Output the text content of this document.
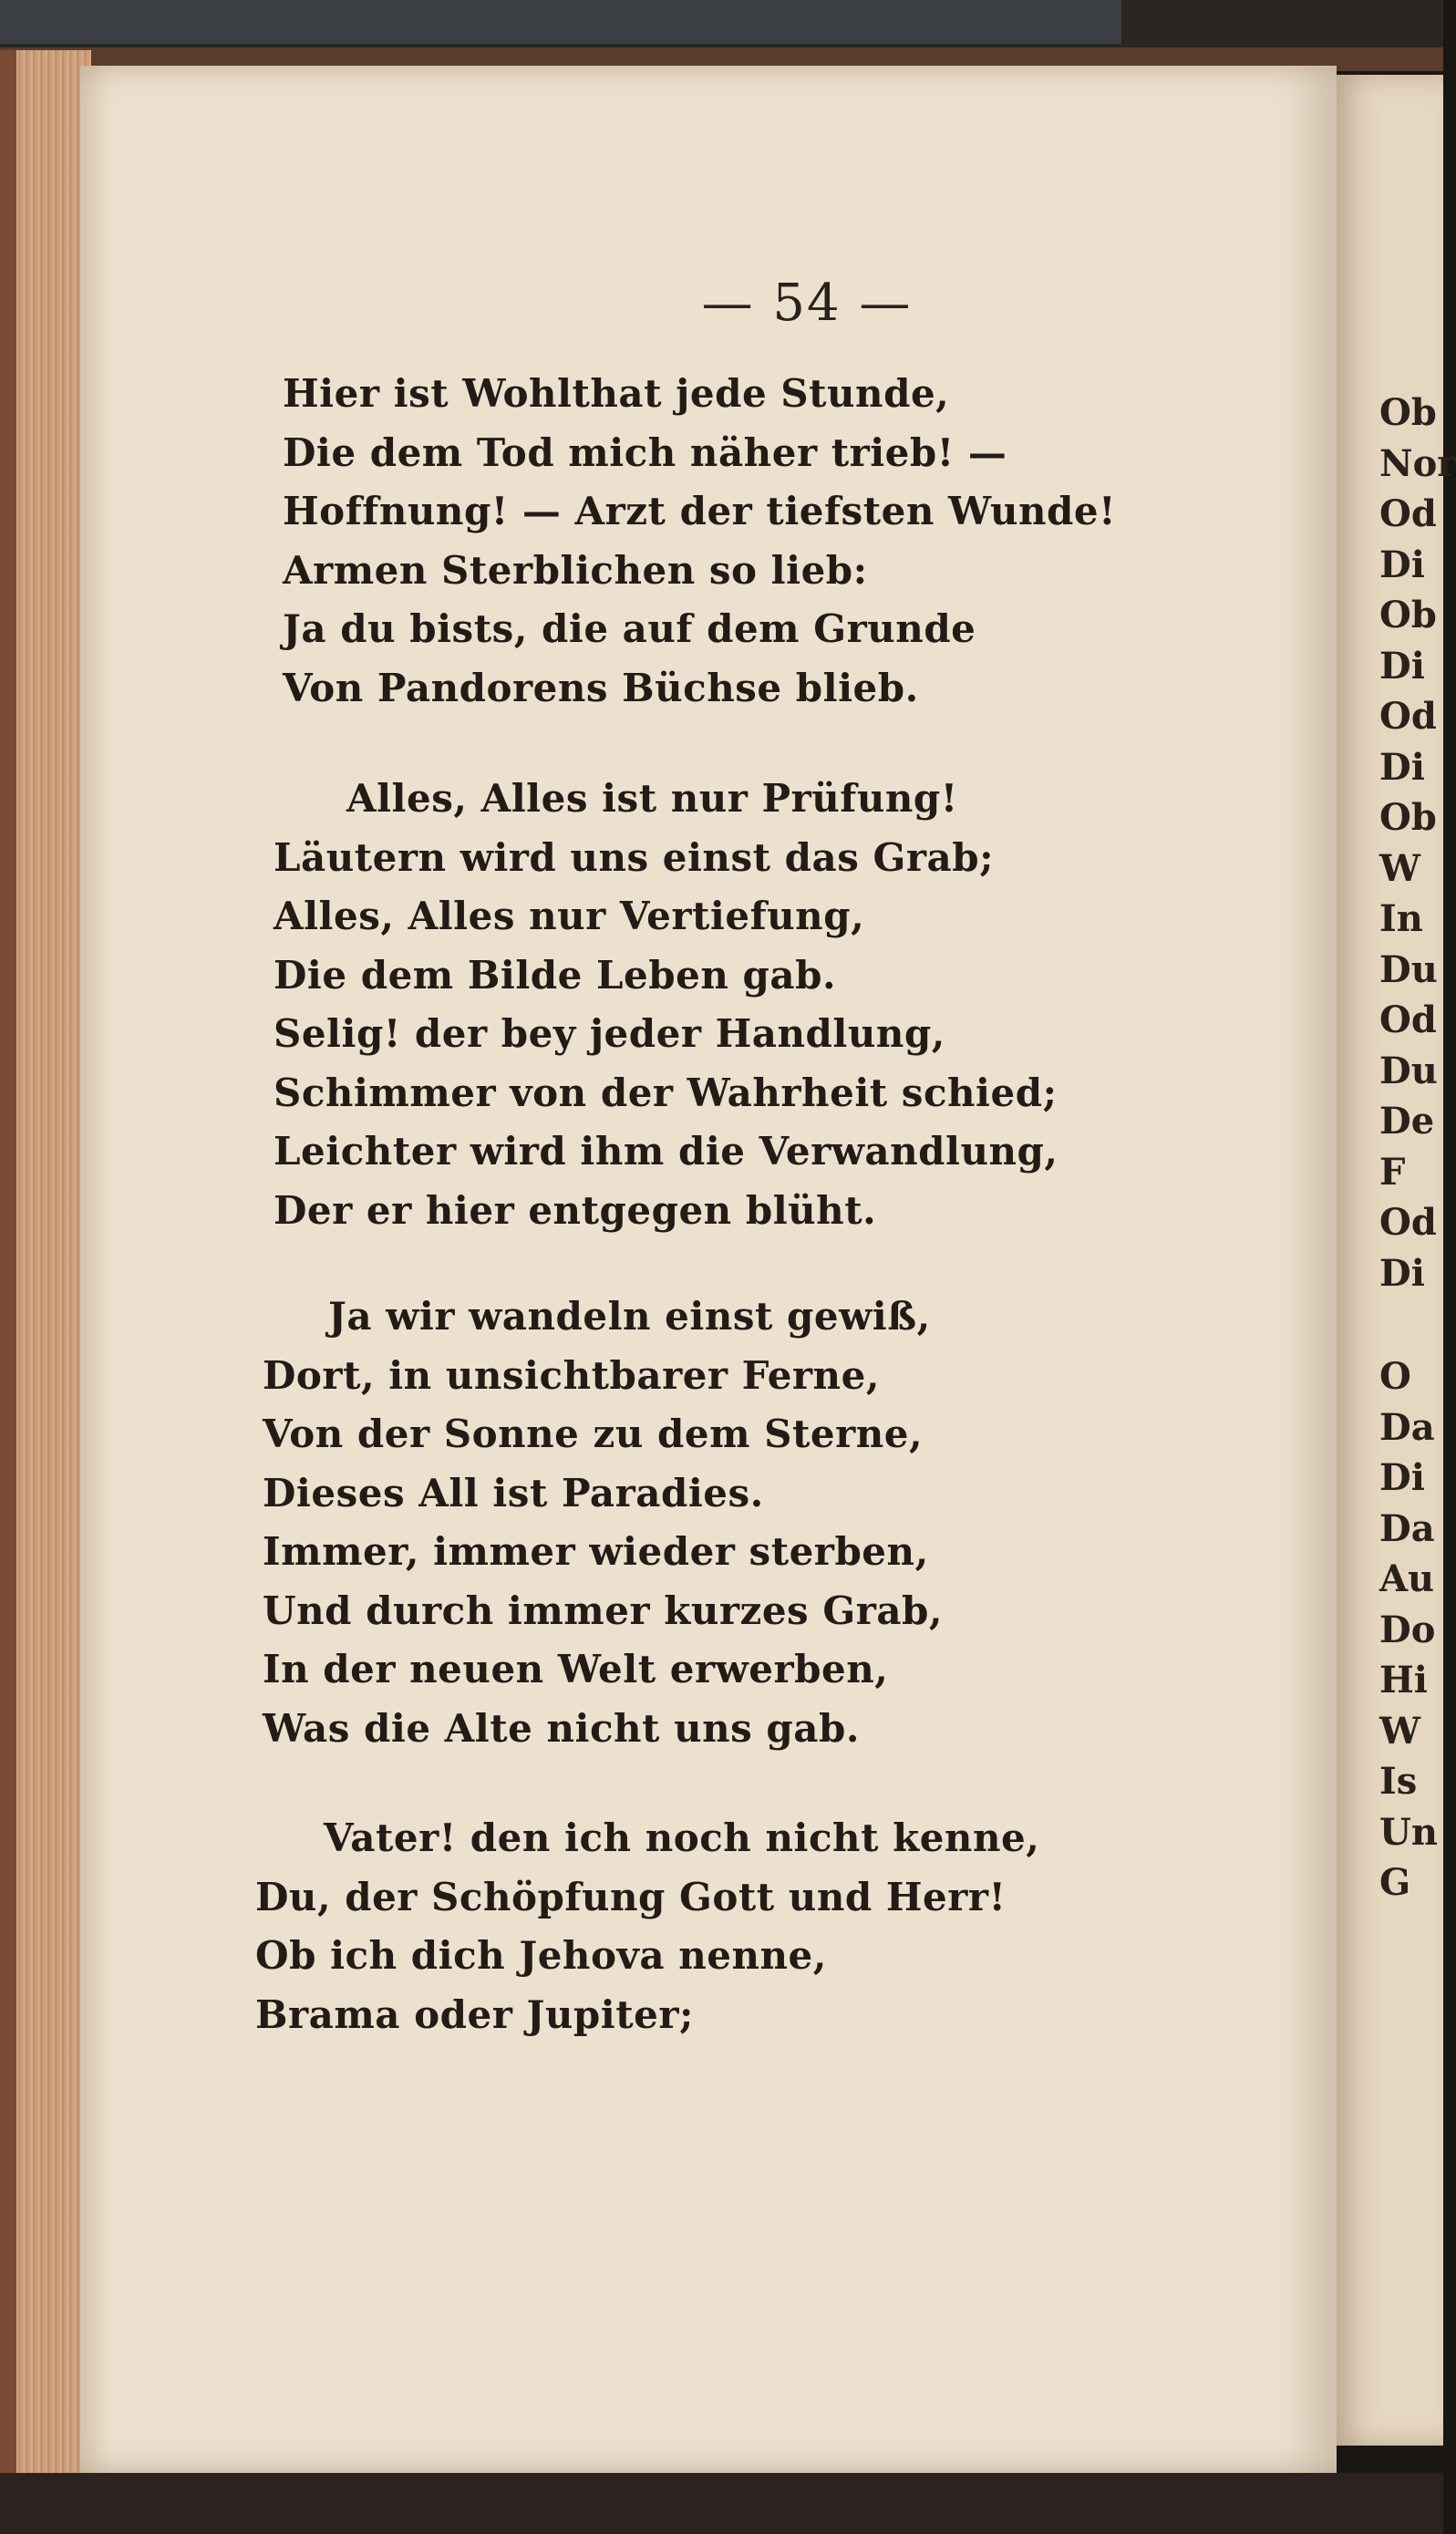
— 54 —
Hier ist Wohlthat jede Stunde,
Die dem Tod mich näher trieb! —
Hoffnung! — Arzt der tiefsten Wunde!
Armen Sterblichen so lieb:
Ja du bists, die auf dem Grunde
Von Pandorens Büchse blieb.
Alles, Alles ist nur Prüfung!
Läutern wird uns einst das Grab;
Alles, Alles nur Vertiefung,
Die dem Bilde Leben gab.
Selig! der bey jeder Handlung,
Schimmer von der Wahrheit schied;
Leichter wird ihm die Verwandlung,
Der er hier entgegen blüht.
Ja wir wandeln einst gewiß,
Dort, in unsichtbarer Ferne,
Von der Sonne zu dem Sterne,
Dieses All ist Paradies.
Immer, immer wieder sterben,
Und durch immer kurzes Grab,
In der neuen Welt erwerben,
Was die Alte nicht uns gab.
Vater! den ich noch nicht kenne,
Du, der Schöpfung Gott und Herr!
Ob ich dich Jehova nenne,
Brama oder Jupiter;
Ob
Nor
Od
Di
Ob
Di
Od
Di
Ob
W
In
Du
Od
Du
De
F
Od
Di
O
Da
Di
Da
Au
Do
Hi
W
Is
Un
G
